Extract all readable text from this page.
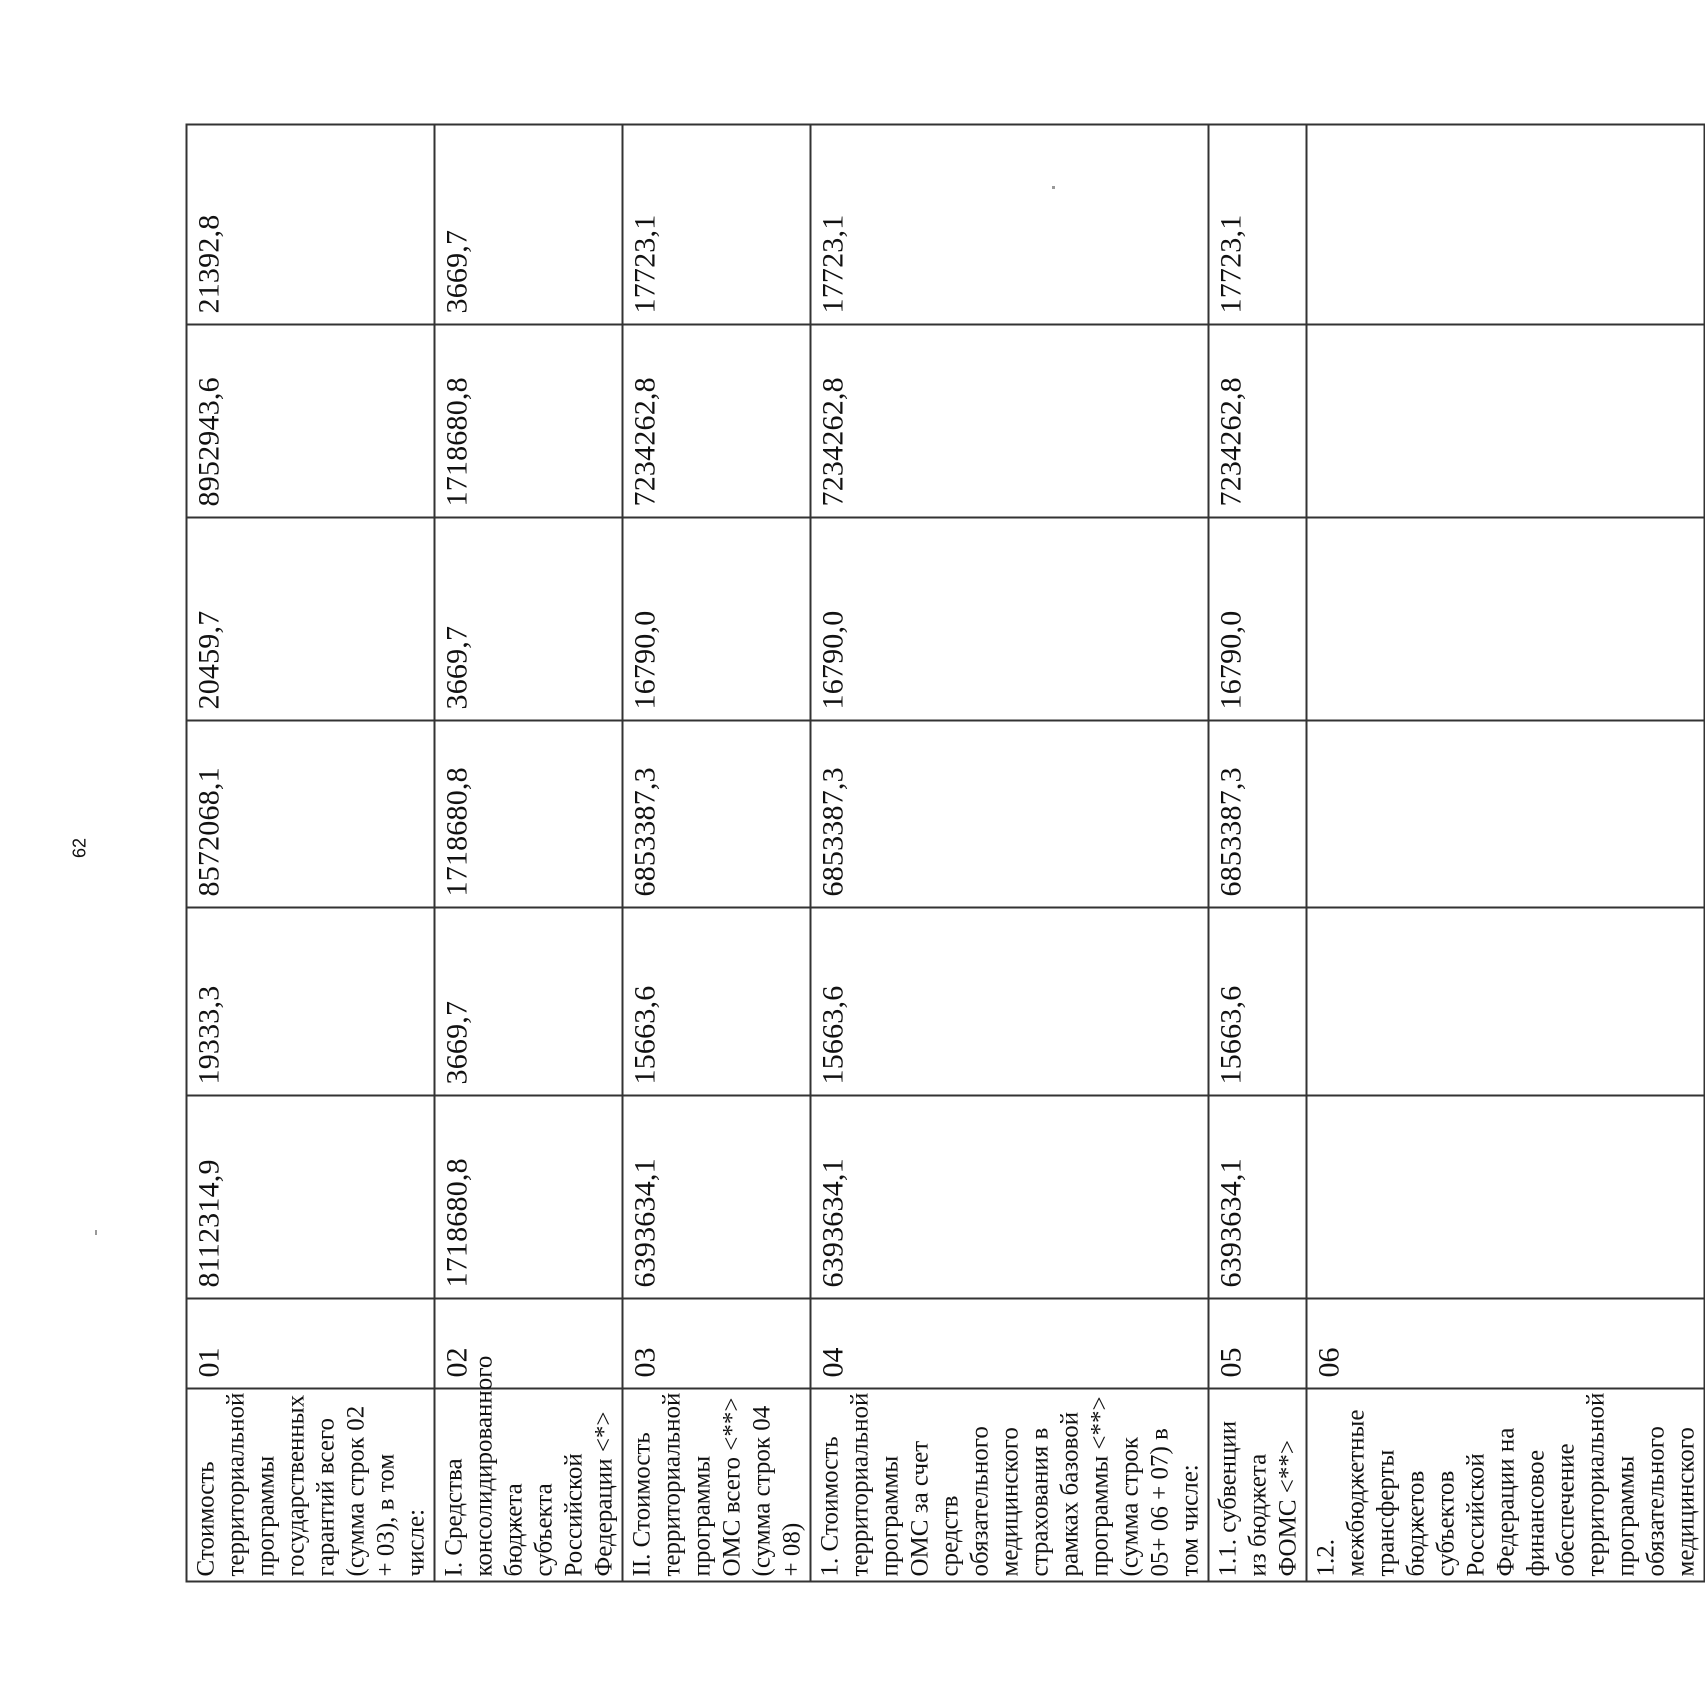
62
Стоимость территориальной программы государственных гарантий всего (сумма строк 02 + 03), в том числе:	01	8112314,9	19333,3	8572068,1	20459,7	8952943,6	21392,8
I. Средства консолидированного бюджета субъекта Российской Федерации <*>	02	1718680,8	3669,7	1718680,8	3669,7	1718680,8	3669,7
II. Стоимость территориальной программы ОМС всего <**> (сумма строк 04 + 08)	03	6393634,1	15663,6	6853387,3	16790,0	7234262,8	17723,1
1. Стоимость территориальной программы ОМС за счет средств обязательного медицинского страхования в рамках базовой программы <**> (сумма строк 05+ 06 + 07) в том числе:	04	6393634,1	15663,6	6853387,3	16790,0	7234262,8	17723,1
1.1. субвенции из бюджета ФОМС <**>	05	6393634,1	15663,6	6853387,3	16790,0	7234262,8	17723,1
1.2. межбюджетные трансферты бюджетов субъектов Российской Федерации на финансовое обеспечение территориальной программы обязательного медицинского	06						
